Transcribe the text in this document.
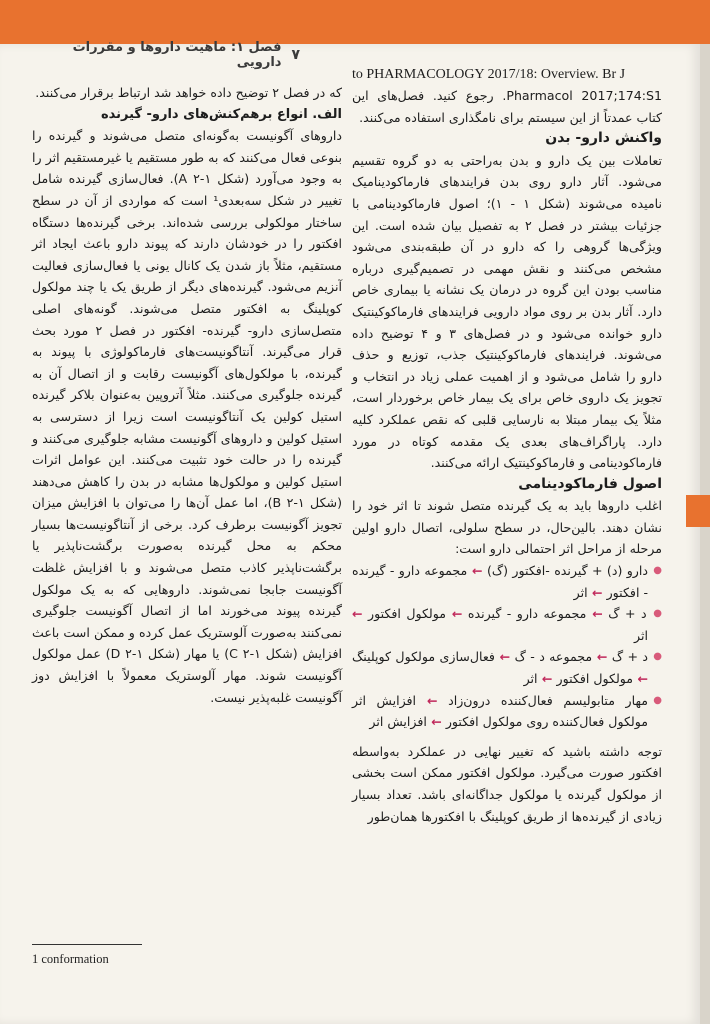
۷
فصل ۱: ماهیت داروها و مقررات دارویی

to PHARMACOLOGY 2017/18: Overview. Br J

Pharmacol 2017;174:S1. رجوع کنید. فصل‌های این کتاب عمدتاً از این سیستم برای نامگذاری استفاده می‌کنند.

واکنش دارو- بدن

تعاملات بین یک دارو و بدن به‌راحتی به دو گروه تقسیم می‌شود. آثار دارو روی بدن فرایندهای فارماکودینامیک نامیده می‌شوند (شکل ۱ - ۱)؛ اصول فارماکودینامی با جزئیات بیشتر در فصل ۲ به تفصیل بیان شده است. این ویژگی‌ها گروهی را که دارو در آن طبقه‌بندی می‌شود مشخص می‌کنند و نقش مهمی در تصمیم‌گیری درباره مناسب بودن این گروه در درمان یک نشانه یا بیماری خاص دارد. آثار بدن بر روی مواد دارویی فرایندهای فارماکوکینتیک دارو خوانده می‌شود و در فصل‌های ۳ و ۴ توضیح داده می‌شوند. فرایندهای فارماکوکینتیک جذب، توزیع و حذف دارو را شامل می‌شود و از اهمیت عملی زیاد در انتخاب و تجویز یک داروی خاص برای یک بیمار خاص برخوردار است، مثلاً یک بیمار مبتلا به نارسایی قلبی که نقص عملکرد کلیه دارد. پاراگراف‌های بعدی یک مقدمه کوتاه در مورد فارماکودینامی و فارماکوکینتیک ارائه می‌کنند.

اصول فارماکودینامی

اغلب داروها باید به یک گیرنده متصل شوند تا اثر خود را نشان دهند. بالین‌حال، در سطح سلولی، اتصال دارو اولین مرحله از مراحل اثر احتمالی دارو است:

● دارو (د) + گیرنده -افکتور (گ) ← مجموعه دارو - گیرنده - افکتور ← اثر

● د + گ ← مجموعه دارو - گیرنده ← مولکول افکتور ← اثر

● د + گ ← مجموعه د - گ ← فعال‌سازی مولکول کوپلینگ ← مولکول افکتور ← اثر

● مهار متابولیسم فعال‌کننده درون‌زاد ← افزایش اثر مولکول فعال‌کننده روی مولکول افکتور ← افزایش اثر

توجه داشته باشید که تغییر نهایی در عملکرد به‌واسطه افکتور صورت می‌گیرد. مولکول افکتور ممکن است بخشی از مولکول گیرنده یا مولکول جداگانه‌ای باشد. تعداد بسیار زیادی از گیرنده‌ها از طریق کوپلینگ با افکتورها همان‌طور

که در فصل ۲ توضیح داده خواهد شد ارتباط برقرار می‌کنند.

الف. انواع برهم‌کنش‌های دارو- گیرنده

داروهای آگونیست به‌گونه‌ای متصل می‌شوند و گیرنده را بنوعی فعال می‌کنند که به طور مستقیم یا غیرمستقیم اثر را به وجود می‌آورد (شکل ۱-۲ A). فعال‌سازی گیرنده شامل تغییر در شکل سه‌بعدی¹ است که مواردی از آن در سطح ساختار مولکولی بررسی شده‌اند. برخی گیرنده‌ها دستگاه افکتور را در خودشان دارند که پیوند دارو باعث ایجاد اثر مستقیم، مثلاً باز شدن یک کانال یونی یا فعال‌سازی فعالیت آنزیم می‌شود. گیرنده‌های دیگر از طریق یک یا چند مولکول کوپلینگ به افکتور متصل می‌شوند. گونه‌های اصلی متصل‌سازی دارو- گیرنده- افکتور در فصل ۲ مورد بحث قرار می‌گیرند. آنتاگونیست‌های فارماکولوژی با پیوند به گیرنده، با مولکول‌های آگونیست رقابت و از اتصال آن به گیرنده جلوگیری می‌کنند. مثلاً آتروپین به‌عنوان بلاکر گیرنده استیل کولین یک آنتاگونیست است زیرا از دسترسی به استیل کولین و داروهای آگونیست مشابه جلوگیری می‌کنند و گیرنده را در حالت خود تثبیت می‌کنند. این عوامل اثرات استیل کولین و مولکول‌ها مشابه در بدن را کاهش می‌دهند (شکل ۱-۲ B)، اما عمل آن‌ها را می‌توان با افزایش میزان تجویز آگونیست برطرف کرد. برخی از آنتاگونیست‌ها بسیار محکم به محل گیرنده به‌صورت برگشت‌ناپذیر یا برگشت‌ناپذیر کاذب متصل می‌شوند و با افزایش غلظت آگونیست جابجا نمی‌شوند. داروهایی که به یک مولکول گیرنده پیوند می‌خورند اما از اتصال آگونیست جلوگیری نمی‌کنند به‌صورت آلوستریک عمل کرده و ممکن است باعث افزایش (شکل ۱-۲ C) یا مهار (شکل ۱-۲ D) عمل مولکول آگونیست شوند. مهار آلوستریک معمولاً با افزایش دوز آگونیست غلبه‌پذیر نیست.

1 conformation
